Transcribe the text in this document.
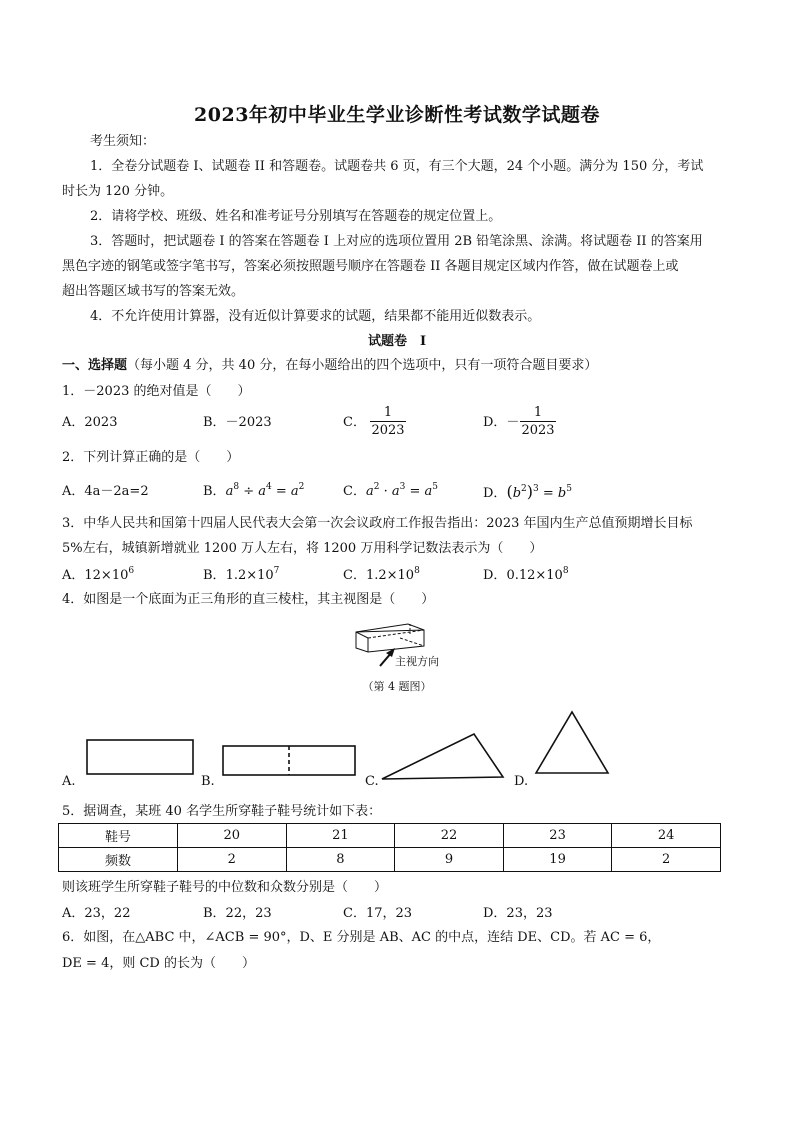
2023年初中毕业生学业诊断性考试数学试题卷
考生须知：
1．全卷分试题卷 I、试题卷 II 和答题卷。试题卷共 6 页，有三个大题，24 个小题。满分为 150 分，考试
时长为 120 分钟。
2．请将学校、班级、姓名和准考证号分别填写在答题卷的规定位置上。
3．答题时，把试题卷 I 的答案在答题卷 I 上对应的选项位置用 2B 铅笔涂黑、涂满。将试题卷 II 的答案用
黑色字迹的钢笔或签字笔书写，答案必须按照题号顺序在答题卷 II 各题目规定区域内作答，做在试题卷上或
超出答题区域书写的答案无效。
4．不允许使用计算器，没有近似计算要求的试题，结果都不能用近似数表示。
试题卷　I
一、选择题（每小题 4 分，共 40 分，在每小题给出的四个选项中，只有一项符合题目要求）
1．－2023 的绝对值是（　　）
A．2023	B．－2023	C．
1
2023
D．－
1
2023
2．下列计算正确的是（　　）
A．4a－2a=2	B．$a^8 \div a^4 = a^2$	C．$a^2 \cdot a^3 = a^5$	D．$(b^2)^3 = b^5$
3．中华人民共和国第十四届人民代表大会第一次会议政府工作报告指出：2023 年国内生产总值预期增长目标
5%左右，城镇新增就业 1200 万人左右，将 1200 万用科学记数法表示为（　　）
A．$12\times 10^6$	B．$1.2\times 10^7$	C．$1.2\times 10^8$	D．$0.12\times 10^8$
4．如图是一个底面为正三角形的直三棱柱，其主视图是（　　）
主视方向
（第 4 题图）
A.	B.	C.	D.
5．据调查，某班 40 名学生所穿鞋子鞋号统计如下表：
鞋号	20	21	22	23	24
频数	2	8	9	19	2
则该班学生所穿鞋子鞋号的中位数和众数分别是（　　）
A．23，22	B．22，23	C．17，23	D．23，23
6．如图，在△ABC 中，∠ACB = 90°，D、E 分别是 AB、AC 的中点，连结 DE、CD。若 AC = 6，
DE = 4，则 CD 的长为（　　）
